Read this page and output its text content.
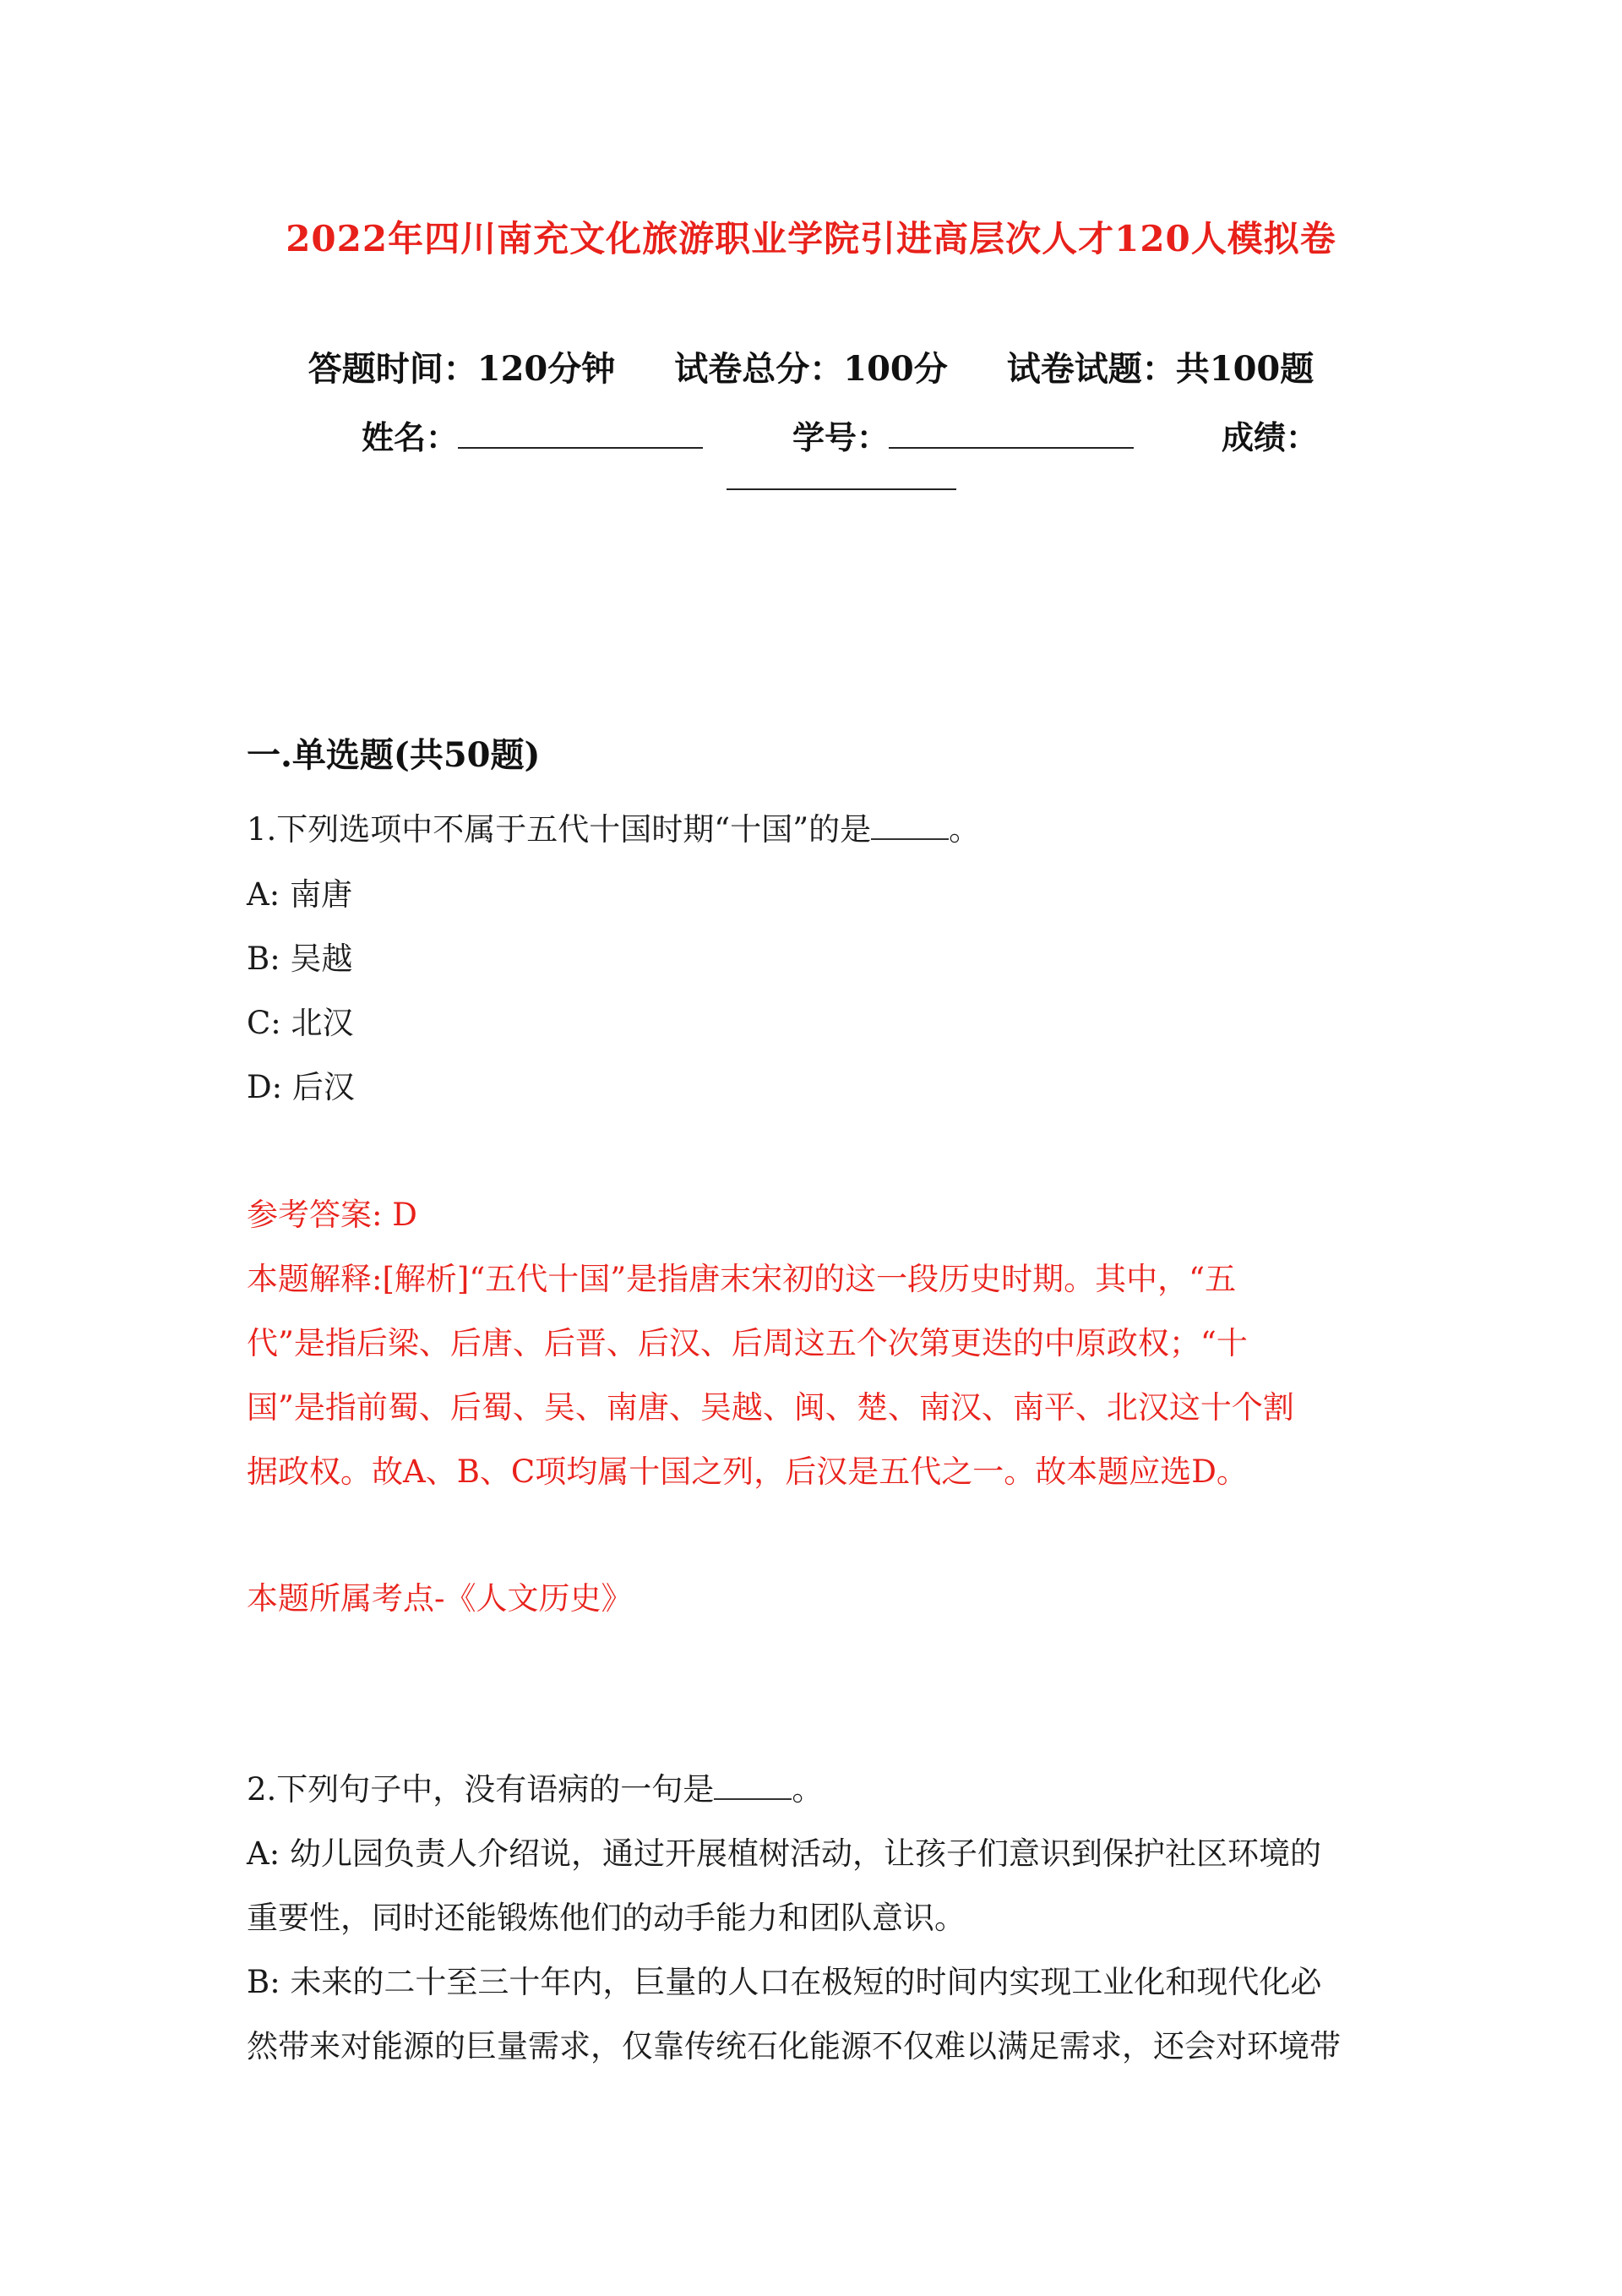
2022年四川南充文化旅游职业学院引进高层次人才120人模拟卷
答题时间：120分钟 试卷总分：100分 试卷试题：共100题
姓名：	学号：	成绩：
一.单选题(共50题)
1.下列选项中不属于五代十国时期“十国”的是 。
A: 南唐
B: 吴越
C: 北汉
D: 后汉
参考答案: D
本题解释:[解析]“五代十国”是指唐末宋初的这一段历史时期。其中，“五
代”是指后梁、后唐、后晋、后汉、后周这五个次第更迭的中原政权；“十
国”是指前蜀、后蜀、吴、南唐、吴越、闽、楚、南汉、南平、北汉这十个割
据政权。故A、B、C项均属十国之列，后汉是五代之一。故本题应选D。
本题所属考点-《人文历史》
2.下列句子中，没有语病的一句是 。
A: 幼儿园负责人介绍说，通过开展植树活动，让孩子们意识到保护社区环境的
重要性，同时还能锻炼他们的动手能力和团队意识。
B: 未来的二十至三十年内，巨量的人口在极短的时间内实现工业化和现代化必
然带来对能源的巨量需求，仅靠传统石化能源不仅难以满足需求，还会对环境带
